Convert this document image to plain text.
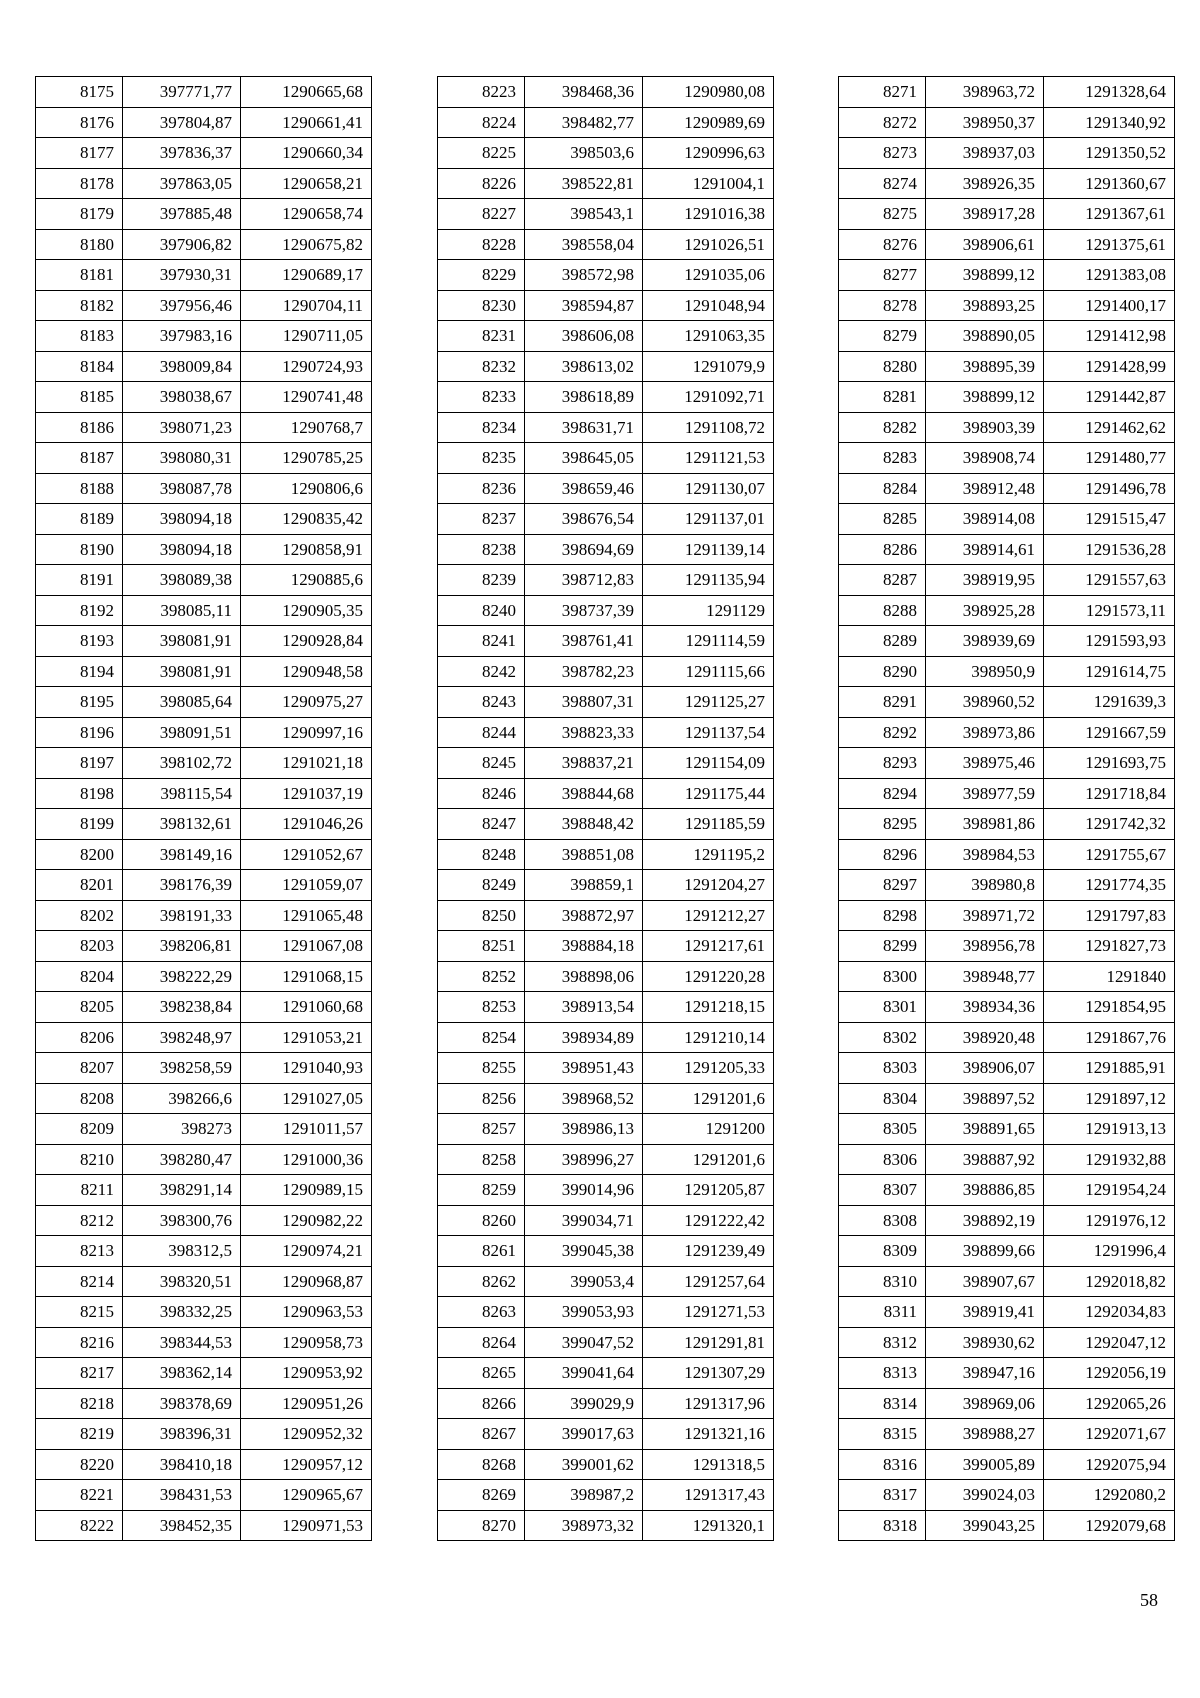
8175	397771,77	1290665,68
8176	397804,87	1290661,41
8177	397836,37	1290660,34
8178	397863,05	1290658,21
8179	397885,48	1290658,74
8180	397906,82	1290675,82
8181	397930,31	1290689,17
8182	397956,46	1290704,11
8183	397983,16	1290711,05
8184	398009,84	1290724,93
8185	398038,67	1290741,48
8186	398071,23	1290768,7
8187	398080,31	1290785,25
8188	398087,78	1290806,6
8189	398094,18	1290835,42
8190	398094,18	1290858,91
8191	398089,38	1290885,6
8192	398085,11	1290905,35
8193	398081,91	1290928,84
8194	398081,91	1290948,58
8195	398085,64	1290975,27
8196	398091,51	1290997,16
8197	398102,72	1291021,18
8198	398115,54	1291037,19
8199	398132,61	1291046,26
8200	398149,16	1291052,67
8201	398176,39	1291059,07
8202	398191,33	1291065,48
8203	398206,81	1291067,08
8204	398222,29	1291068,15
8205	398238,84	1291060,68
8206	398248,97	1291053,21
8207	398258,59	1291040,93
8208	398266,6	1291027,05
8209	398273	1291011,57
8210	398280,47	1291000,36
8211	398291,14	1290989,15
8212	398300,76	1290982,22
8213	398312,5	1290974,21
8214	398320,51	1290968,87
8215	398332,25	1290963,53
8216	398344,53	1290958,73
8217	398362,14	1290953,92
8218	398378,69	1290951,26
8219	398396,31	1290952,32
8220	398410,18	1290957,12
8221	398431,53	1290965,67
8222	398452,35	1290971,53
8223	398468,36	1290980,08
8224	398482,77	1290989,69
8225	398503,6	1290996,63
8226	398522,81	1291004,1
8227	398543,1	1291016,38
8228	398558,04	1291026,51
8229	398572,98	1291035,06
8230	398594,87	1291048,94
8231	398606,08	1291063,35
8232	398613,02	1291079,9
8233	398618,89	1291092,71
8234	398631,71	1291108,72
8235	398645,05	1291121,53
8236	398659,46	1291130,07
8237	398676,54	1291137,01
8238	398694,69	1291139,14
8239	398712,83	1291135,94
8240	398737,39	1291129
8241	398761,41	1291114,59
8242	398782,23	1291115,66
8243	398807,31	1291125,27
8244	398823,33	1291137,54
8245	398837,21	1291154,09
8246	398844,68	1291175,44
8247	398848,42	1291185,59
8248	398851,08	1291195,2
8249	398859,1	1291204,27
8250	398872,97	1291212,27
8251	398884,18	1291217,61
8252	398898,06	1291220,28
8253	398913,54	1291218,15
8254	398934,89	1291210,14
8255	398951,43	1291205,33
8256	398968,52	1291201,6
8257	398986,13	1291200
8258	398996,27	1291201,6
8259	399014,96	1291205,87
8260	399034,71	1291222,42
8261	399045,38	1291239,49
8262	399053,4	1291257,64
8263	399053,93	1291271,53
8264	399047,52	1291291,81
8265	399041,64	1291307,29
8266	399029,9	1291317,96
8267	399017,63	1291321,16
8268	399001,62	1291318,5
8269	398987,2	1291317,43
8270	398973,32	1291320,1
8271	398963,72	1291328,64
8272	398950,37	1291340,92
8273	398937,03	1291350,52
8274	398926,35	1291360,67
8275	398917,28	1291367,61
8276	398906,61	1291375,61
8277	398899,12	1291383,08
8278	398893,25	1291400,17
8279	398890,05	1291412,98
8280	398895,39	1291428,99
8281	398899,12	1291442,87
8282	398903,39	1291462,62
8283	398908,74	1291480,77
8284	398912,48	1291496,78
8285	398914,08	1291515,47
8286	398914,61	1291536,28
8287	398919,95	1291557,63
8288	398925,28	1291573,11
8289	398939,69	1291593,93
8290	398950,9	1291614,75
8291	398960,52	1291639,3
8292	398973,86	1291667,59
8293	398975,46	1291693,75
8294	398977,59	1291718,84
8295	398981,86	1291742,32
8296	398984,53	1291755,67
8297	398980,8	1291774,35
8298	398971,72	1291797,83
8299	398956,78	1291827,73
8300	398948,77	1291840
8301	398934,36	1291854,95
8302	398920,48	1291867,76
8303	398906,07	1291885,91
8304	398897,52	1291897,12
8305	398891,65	1291913,13
8306	398887,92	1291932,88
8307	398886,85	1291954,24
8308	398892,19	1291976,12
8309	398899,66	1291996,4
8310	398907,67	1292018,82
8311	398919,41	1292034,83
8312	398930,62	1292047,12
8313	398947,16	1292056,19
8314	398969,06	1292065,26
8315	398988,27	1292071,67
8316	399005,89	1292075,94
8317	399024,03	1292080,2
8318	399043,25	1292079,68
58
